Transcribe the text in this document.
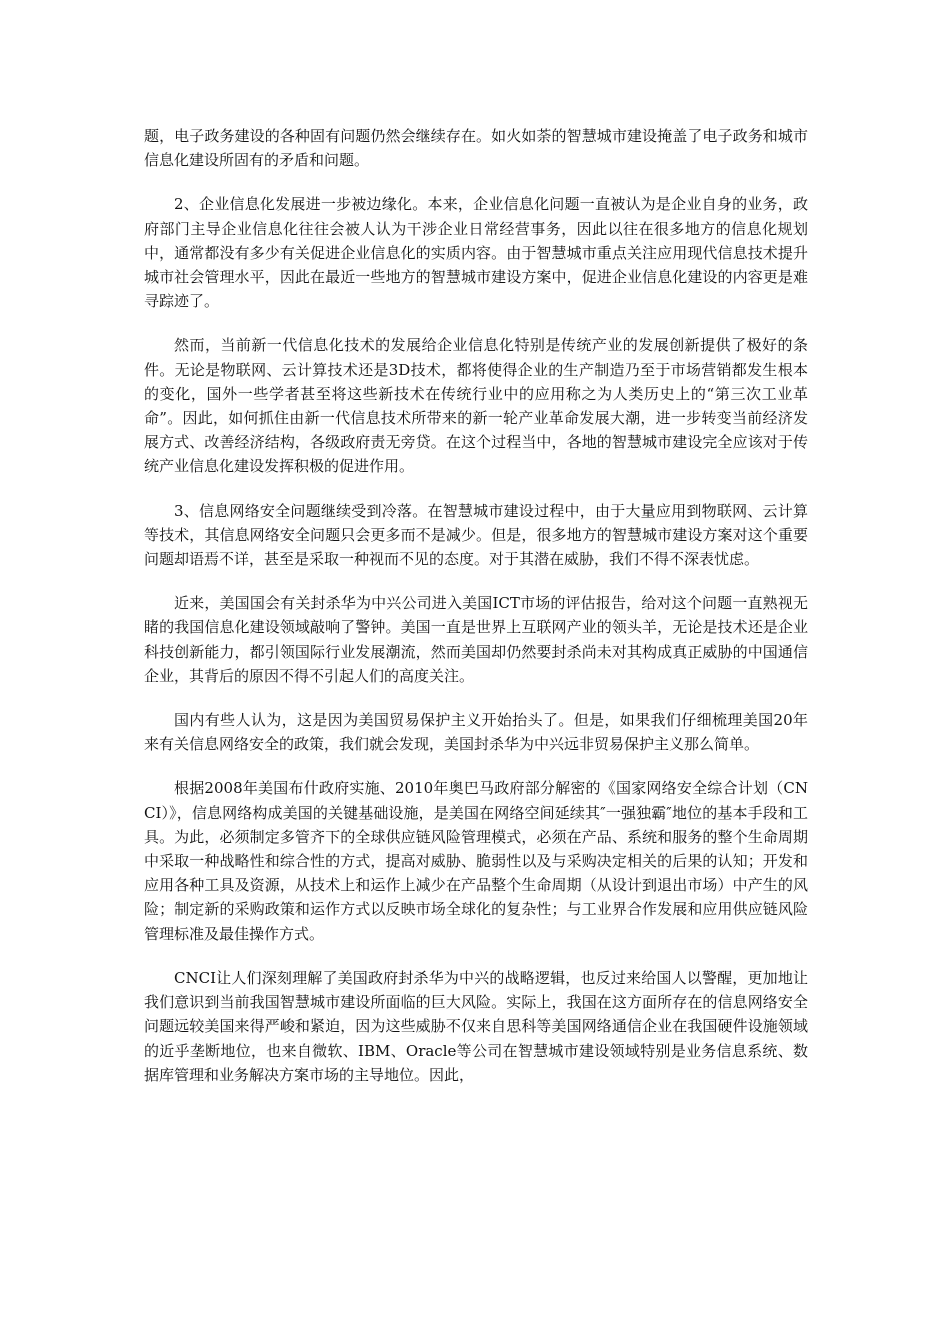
题，电子政务建设的各种固有问题仍然会继续存在。如火如荼的智慧城市建设掩盖了电子政务和城市信息化建设所固有的矛盾和问题。

2、企业信息化发展进一步被边缘化。本来，企业信息化问题一直被认为是企业自身的业务，政府部门主导企业信息化往往会被人认为干涉企业日常经营事务，因此以往在很多地方的信息化规划中，通常都没有多少有关促进企业信息化的实质内容。由于智慧城市重点关注应用现代信息技术提升城市社会管理水平，因此在最近一些地方的智慧城市建设方案中，促进企业信息化建设的内容更是难寻踪迹了。

然而，当前新一代信息化技术的发展给企业信息化特别是传统产业的发展创新提供了极好的条件。无论是物联网、云计算技术还是3D技术，都将使得企业的生产制造乃至于市场营销都发生根本的变化，国外一些学者甚至将这些新技术在传统行业中的应用称之为人类历史上的“第三次工业革命”。因此，如何抓住由新一代信息技术所带来的新一轮产业革命发展大潮，进一步转变当前经济发展方式、改善经济结构，各级政府责无旁贷。在这个过程当中，各地的智慧城市建设完全应该对于传统产业信息化建设发挥积极的促进作用。

3、信息网络安全问题继续受到冷落。在智慧城市建设过程中，由于大量应用到物联网、云计算等技术，其信息网络安全问题只会更多而不是减少。但是，很多地方的智慧城市建设方案对这个重要问题却语焉不详，甚至是采取一种视而不见的态度。对于其潜在威胁，我们不得不深表忧虑。

近来，美国国会有关封杀华为中兴公司进入美国ICT市场的评估报告，给对这个问题一直熟视无睹的我国信息化建设领域敲响了警钟。美国一直是世界上互联网产业的领头羊，无论是技术还是企业科技创新能力，都引领国际行业发展潮流，然而美国却仍然要封杀尚未对其构成真正威胁的中国通信企业，其背后的原因不得不引起人们的高度关注。

国内有些人认为，这是因为美国贸易保护主义开始抬头了。但是，如果我们仔细梳理美国20年来有关信息网络安全的政策，我们就会发现，美国封杀华为中兴远非贸易保护主义那么简单。

根据2008年美国布什政府实施、2010年奥巴马政府部分解密的《国家网络安全综合计划（CNCI）》，信息网络构成美国的关键基础设施，是美国在网络空间延续其″一强独霸″地位的基本手段和工具。为此，必须制定多管齐下的全球供应链风险管理模式，必须在产品、系统和服务的整个生命周期中采取一种战略性和综合性的方式，提高对威胁、脆弱性以及与采购决定相关的后果的认知；开发和应用各种工具及资源，从技术上和运作上减少在产品整个生命周期（从设计到退出市场）中产生的风险；制定新的采购政策和运作方式以反映市场全球化的复杂性；与工业界合作发展和应用供应链风险管理标准及最佳操作方式。

CNCI让人们深刻理解了美国政府封杀华为中兴的战略逻辑，也反过来给国人以警醒，更加地让我们意识到当前我国智慧城市建设所面临的巨大风险。实际上，我国在这方面所存在的信息网络安全问题远较美国来得严峻和紧迫，因为这些威胁不仅来自思科等美国网络通信企业在我国硬件设施领域的近乎垄断地位，也来自微软、IBM、Oracle等公司在智慧城市建设领域特别是业务信息系统、数据库管理和业务解决方案市场的主导地位。因此，
